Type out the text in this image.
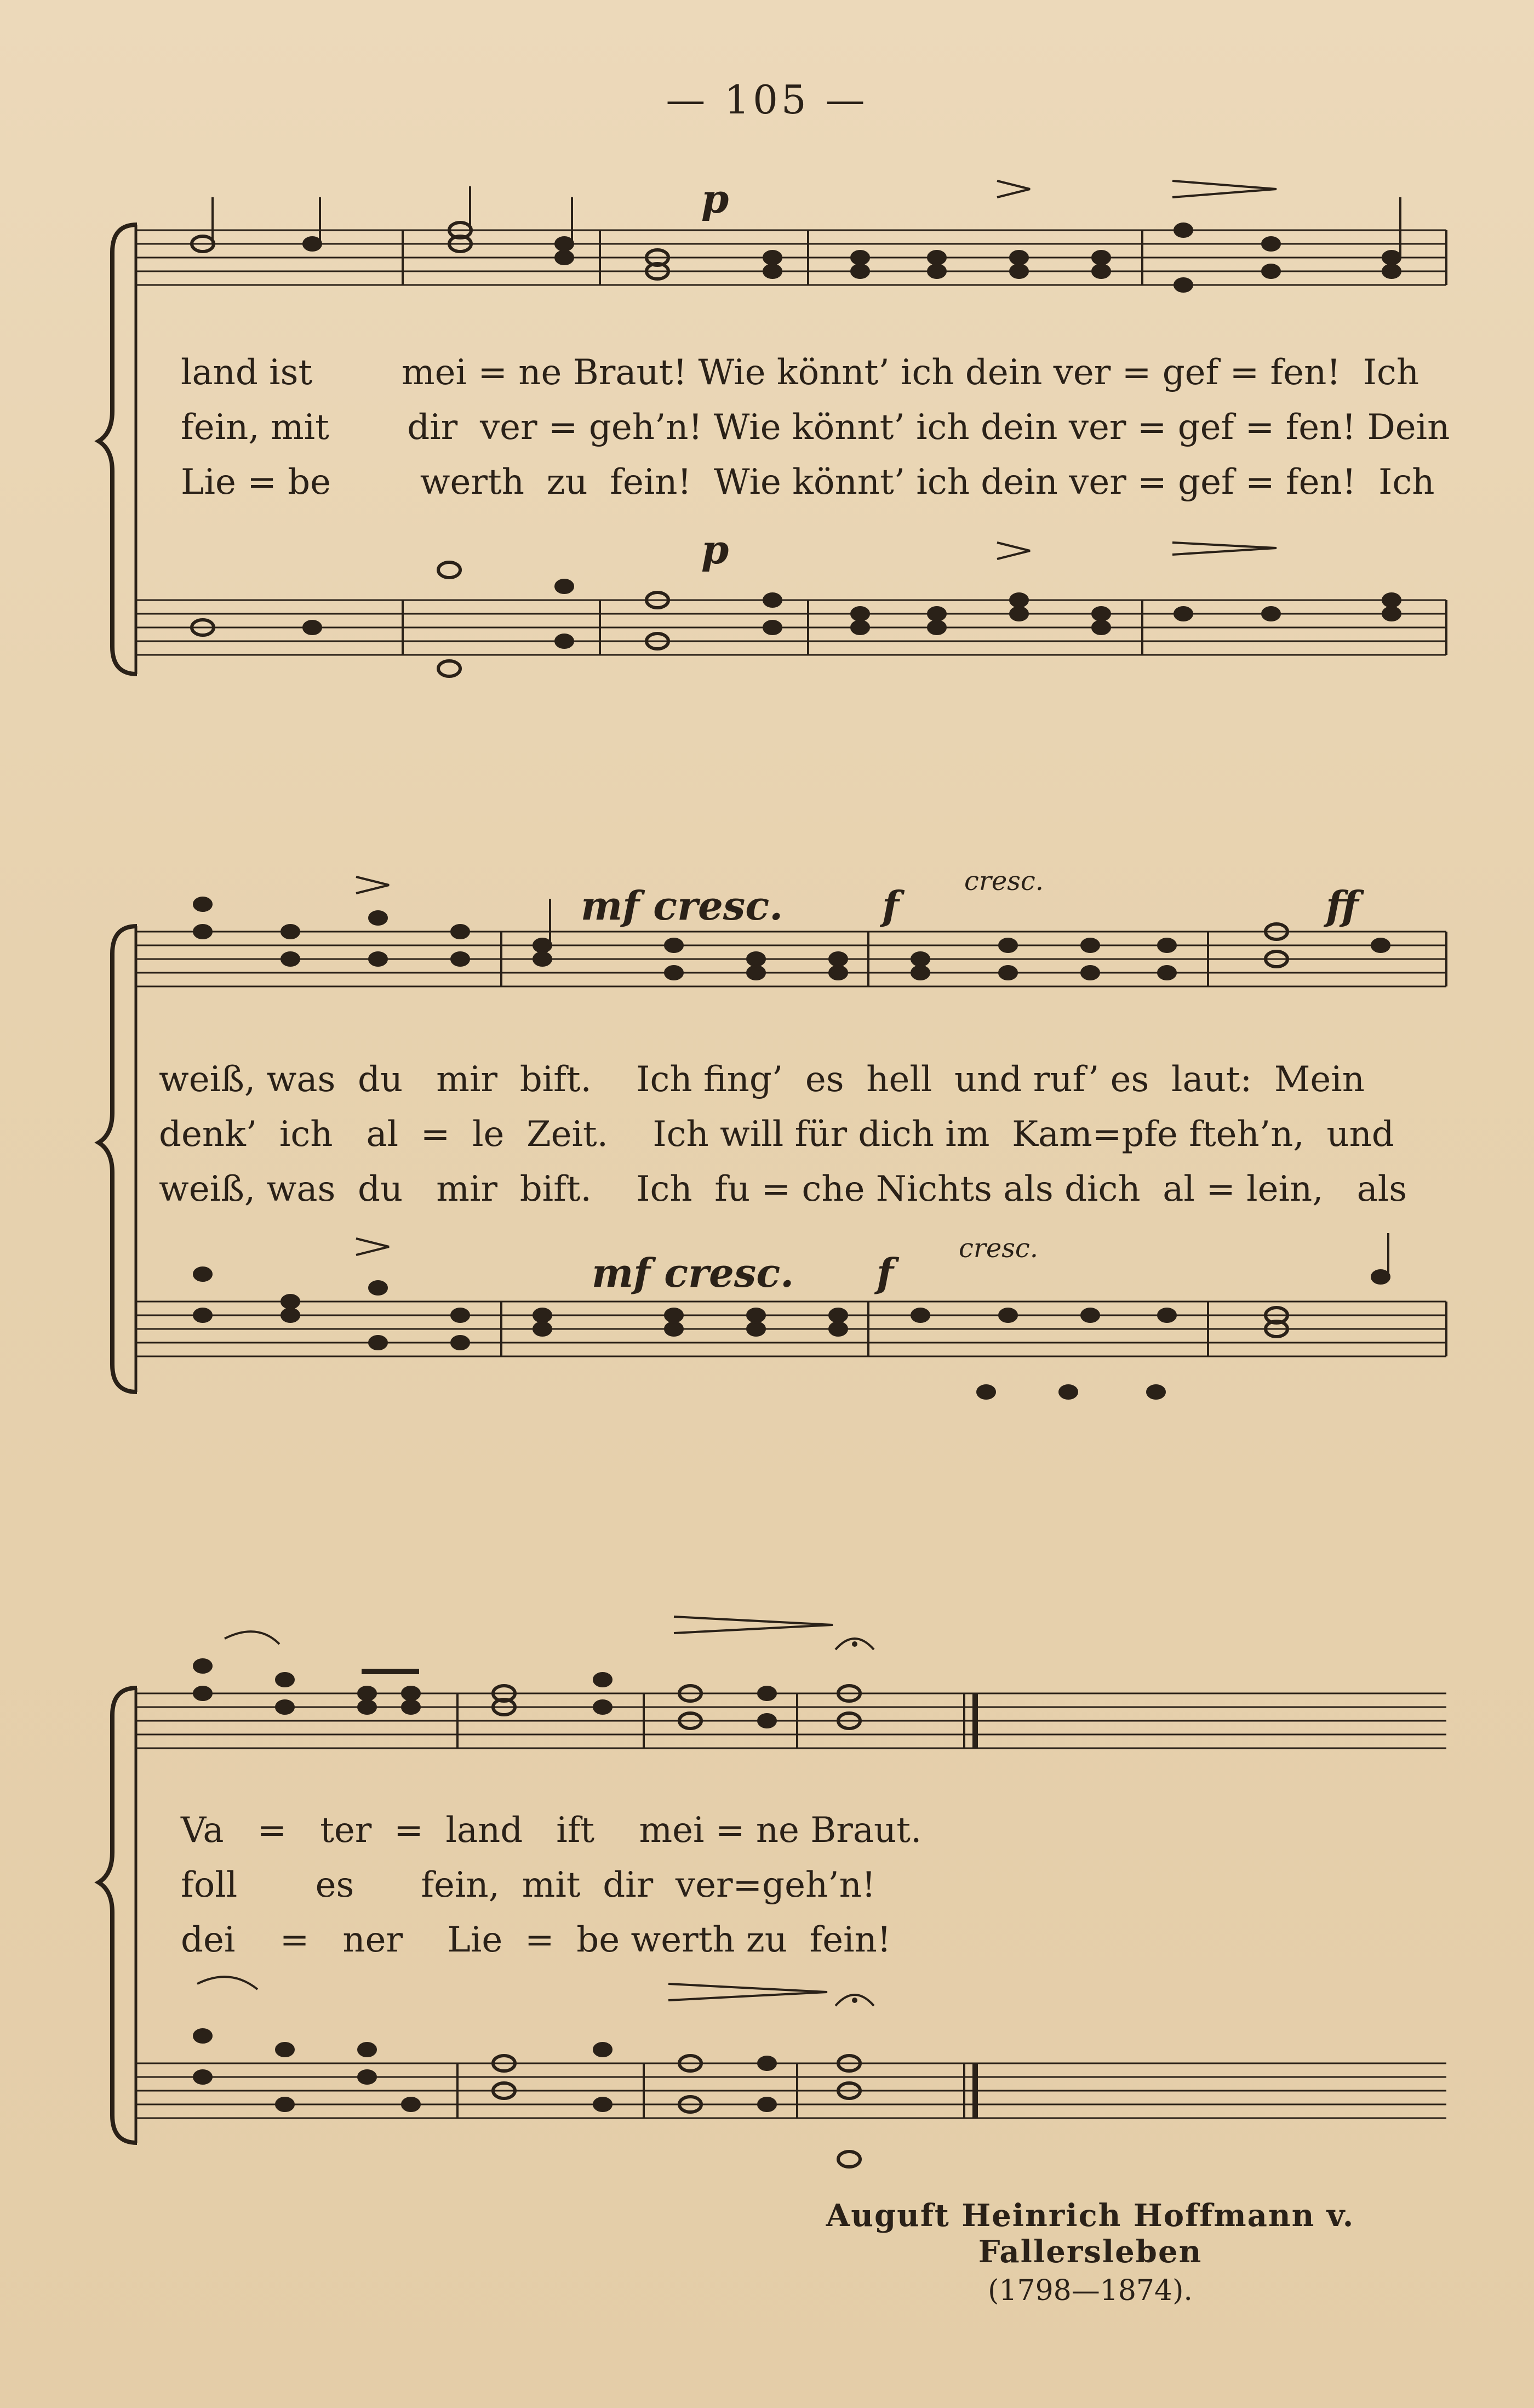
— 105 —
p
p
land ist        mei = ne Braut! Wie könnt’ ich dein ver = gef = fen!  Ich
fein, mit       dir  ver = geh’n! Wie könnt’ ich dein ver = gef = fen! Dein
Lie = be        werth  zu  fein!  Wie könnt’ ich dein ver = gef = fen!  Ich
mf cresc.	f
cresc.
ff
mf cresc. f
cresc.
weiß, was  du   mir  bift.    Ich fing’  es  hell  und ruf’ es  laut:  Mein
denk’  ich   al  =  le  Zeit.    Ich will für dich im  Kam=pfe fteh’n,  und
weiß, was  du   mir  bift.    Ich  fu = che Nichts als dich  al = lein,   als
Va   =   ter  =  land   ift    mei = ne Braut.
foll       es      fein,  mit  dir  ver=geh’n!
dei    =   ner    Lie  =  be werth zu  fein!
Auguft Heinrich Hoffmann v. Fallersleben
(1798—1874).
